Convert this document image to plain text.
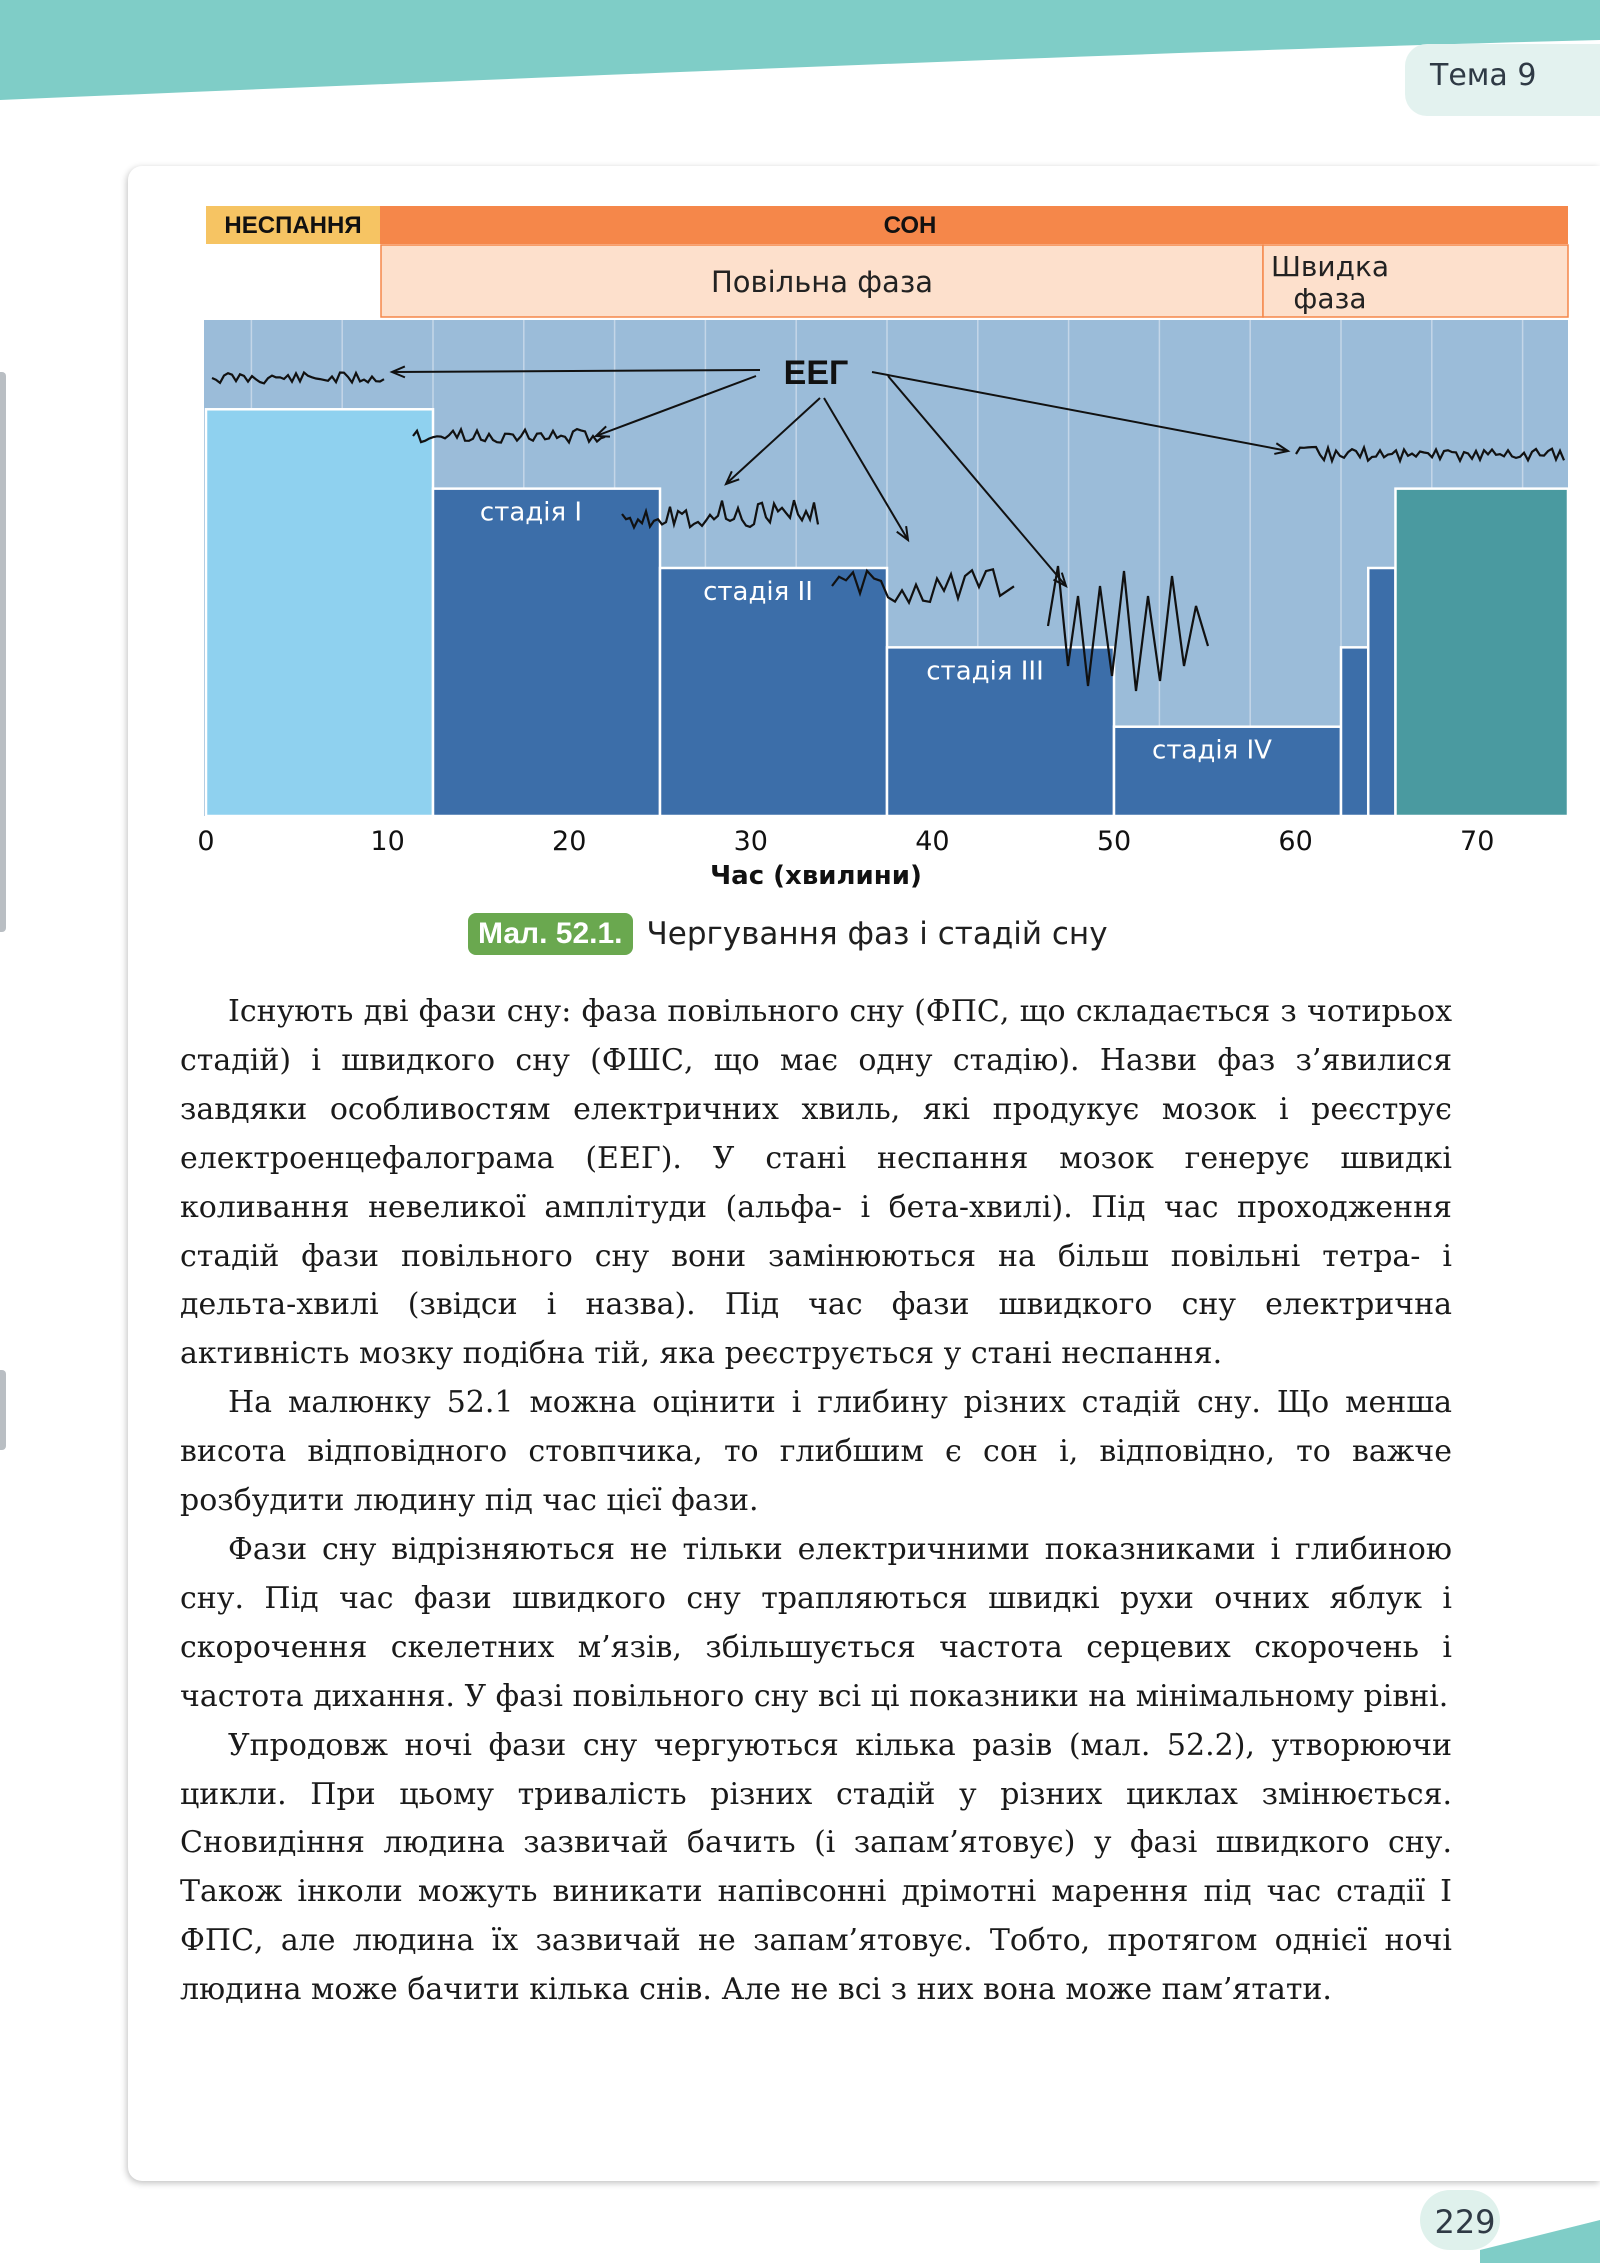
Тема 9
НЕСПАННЯ	СОН
Повільна фаза	Швидка
фаза
ЕЕГ
стадія І
стадія ІІ
стадія ІІІ
стадія ІV
0	10	20	30	40	50	60	70
Час (хвилини)
Мал. 52.1. Чергування фаз і стадій сну

Існують дві фази сну: фаза повільного сну (ФПС, що складається з чотирьох стадій) і швидкого сну (ФШС, що має одну стадію). Назви фаз з’явилися завдяки особливостям електричних хвиль, які продукує мозок і реєструє електроенцефалограма (ЕЕГ). У стані неспання мозок генерує швидкі коливання невеликої амплітуди (альфа- і бета-хвилі). Під час проходження стадій фази повільного сну вони замінюються на більш повільні тетра- і дельта-хвилі (звідси і назва). Під час фази швидкого сну електрична активність мозку подібна тій, яка реєструється у стані неспання.

На малюнку 52.1 можна оцінити і глибину різних стадій сну. Що менша висота відповідного стовпчика, то глибшим є сон і, відповідно, то важче розбудити людину під час цієї фази.

Фази сну відрізняються не тільки електричними показниками і глибиною сну. Під час фази швидкого сну трапляються швидкі рухи очних яблук і скорочення скелетних м’язів, збільшується частота серцевих скорочень і частота дихання. У фазі повільного сну всі ці показники на мінімальному рівні.

Упродовж ночі фази сну чергуються кілька разів (мал. 52.2), утворюючи цикли. При цьому тривалість різних стадій у різних циклах змінюється. Сновидіння людина зазвичай бачить (і запам’ятовує) у фазі швидкого сну. Також інколи можуть виникати напівсонні дрімотні марення під час стадії І ФПС, але людина їх зазвичай не запам’ятовує. Тобто, протягом однієї ночі людина може бачити кілька снів. Але не всі з них вона може пам’ятати.

229
